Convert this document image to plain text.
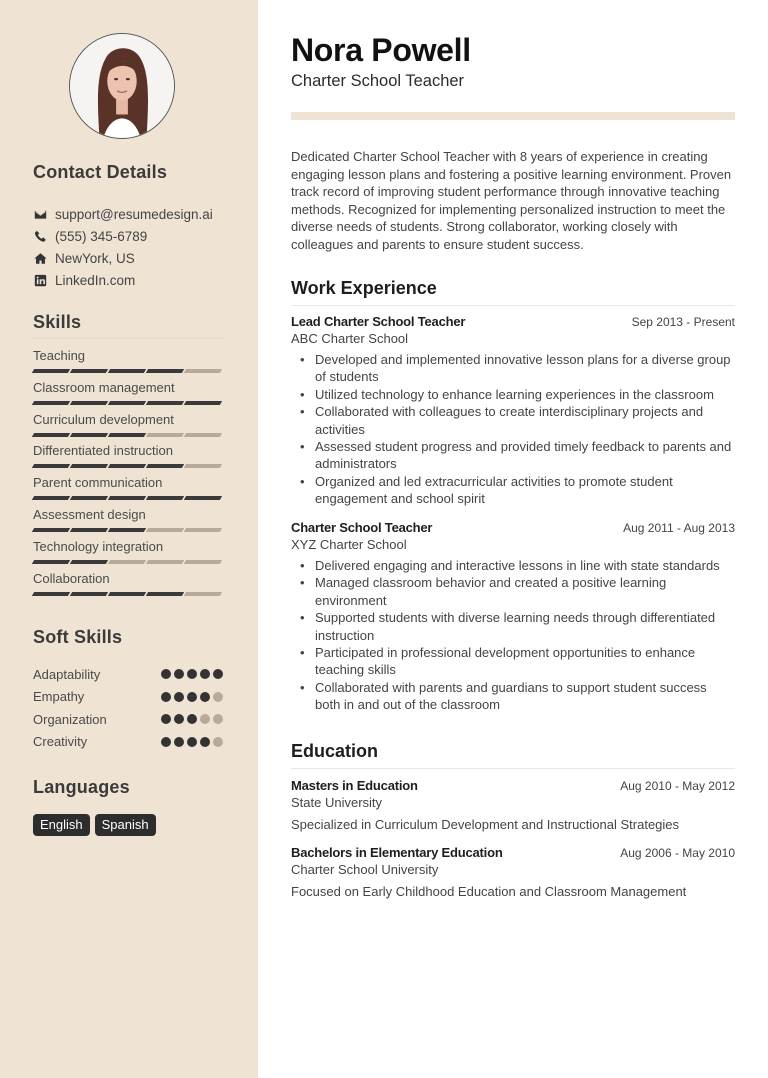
Contact Details
support@resumedesign.ai
(555) 345-6789
NewYork, US
LinkedIn.com
Skills
Teaching
Classroom management
Curriculum development
Differentiated instruction
Parent communication
Assessment design
Technology integration
Collaboration
Soft Skills
Adaptability
Empathy
Organization
Creativity
Languages
English	Spanish
Nora Powell
Charter School Teacher

Dedicated Charter School Teacher with 8 years of experience in creating engaging lesson plans and fostering a positive learning environment. Proven track record of improving student performance through innovative teaching methods. Recognized for implementing personalized instruction to meet the diverse needs of students. Strong collaborator, working closely with colleagues and parents to ensure student success.

Work Experience
Lead Charter School Teacher	Sep 2013 - Present
ABC Charter School
• Developed and implemented innovative lesson plans for a diverse group of students
• Utilized technology to enhance learning experiences in the classroom
• Collaborated with colleagues to create interdisciplinary projects and activities
• Assessed student progress and provided timely feedback to parents and administrators
• Organized and led extracurricular activities to promote student engagement and school spirit
Charter School Teacher	Aug 2011 - Aug 2013
XYZ Charter School
• Delivered engaging and interactive lessons in line with state standards
• Managed classroom behavior and created a positive learning environment
• Supported students with diverse learning needs through differentiated instruction
• Participated in professional development opportunities to enhance teaching skills
• Collaborated with parents and guardians to support student success both in and out of the classroom
Education
Masters in Education	Aug 2010 - May 2012
State University
Specialized in Curriculum Development and Instructional Strategies
Bachelors in Elementary Education	Aug 2006 - May 2010
Charter School University
Focused on Early Childhood Education and Classroom Management
